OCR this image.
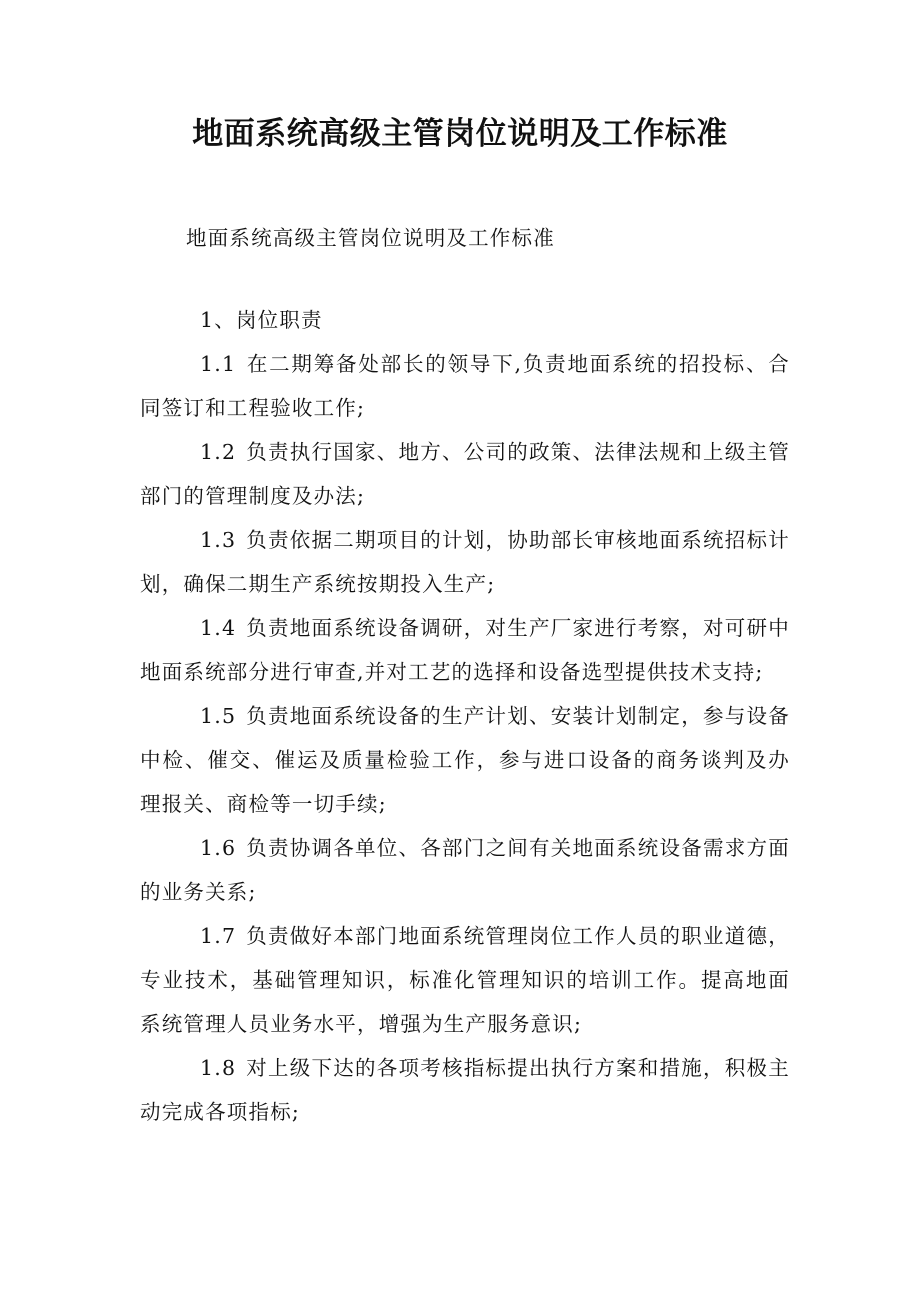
地面系统高级主管岗位说明及工作标准

地面系统高级主管岗位说明及工作标准

1、岗位职责

1.1 在二期筹备处部长的领导下,负责地面系统的招投标、合同签订和工程验收工作;
1.2 负责执行国家、地方、公司的政策、法律法规和上级主管部门的管理制度及办法;
1.3 负责依据二期项目的计划，协助部长审核地面系统招标计划，确保二期生产系统按期投入生产;
1.4 负责地面系统设备调研，对生产厂家进行考察，对可研中地面系统部分进行审查,并对工艺的选择和设备选型提供技术支持;
1.5 负责地面系统设备的生产计划、安装计划制定，参与设备中检、催交、催运及质量检验工作，参与进口设备的商务谈判及办理报关、商检等一切手续;
1.6 负责协调各单位、各部门之间有关地面系统设备需求方面的业务关系;
1.7 负责做好本部门地面系统管理岗位工作人员的职业道德，专业技术，基础管理知识，标准化管理知识的培训工作。提高地面系统管理人员业务水平，增强为生产服务意识;
1.8 对上级下达的各项考核指标提出执行方案和措施，积极主动完成各项指标;
